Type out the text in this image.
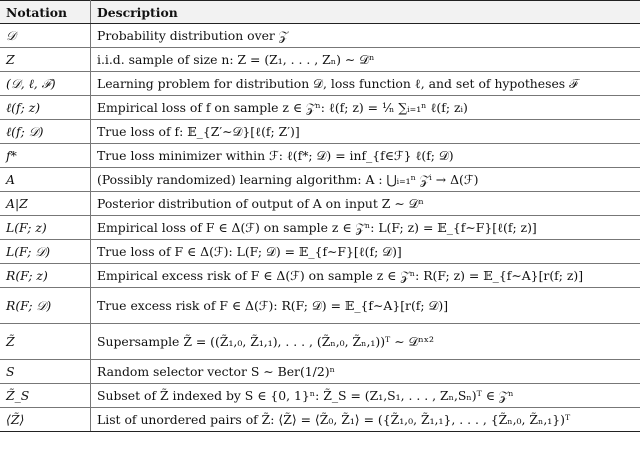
Notation	Description
𝒟	Probability distribution over 𝒵
Z	i.i.d. sample of size n: Z = (Z₁, . . . , Zₙ) ∼ 𝒟ⁿ
(𝒟, ℓ, ℱ)	Learning problem for distribution 𝒟, loss function ℓ, and set of hypotheses ℱ
ℓ(f; z)	Empirical loss of f on sample z ∈ 𝒵ⁿ: ℓ(f; z) = ¹⁄ₙ ∑ᵢ₌₁ⁿ ℓ(f; zᵢ)
ℓ(f; 𝒟)	True loss of f: 𝔼_{Z′∼𝒟}[ℓ(f; Z′)]
f*	True loss minimizer within ℱ: ℓ(f*; 𝒟) = inf_{f∈ℱ} ℓ(f; 𝒟)
A	(Possibly randomized) learning algorithm: A : ⋃ᵢ₌₁ⁿ 𝒵ⁱ → Δ(ℱ)
A|Z	Posterior distribution of output of A on input Z ∼ 𝒟ⁿ
L(F; z)	Empirical loss of F ∈ Δ(ℱ) on sample z ∈ 𝒵ⁿ: L(F; z) = 𝔼_{f∼F}[ℓ(f; z)]
L(F; 𝒟)	True loss of F ∈ Δ(ℱ): L(F; 𝒟) = 𝔼_{f∼F}[ℓ(f; 𝒟)]
R(F; z)	Empirical excess risk of F ∈ Δ(ℱ) on sample z ∈ 𝒵ⁿ: R(F; z) = 𝔼_{f∼A}[r(f; z)]
R(F; 𝒟)	True excess risk of F ∈ Δ(ℱ): R(F; 𝒟) = 𝔼_{f∼A}[r(f; 𝒟)]
Z̃	Supersample Z̃ = ((Z̃₁,₀, Z̃₁,₁), . . . , (Z̃ₙ,₀, Z̃ₙ,₁))ᵀ ∼ 𝒟ⁿˣ²
S	Random selector vector S ∼ Ber(1/2)ⁿ
Z̃_S	Subset of Z̃ indexed by S ∈ {0, 1}ⁿ: Z̃_S = (Z₁,S₁, . . . , Zₙ,Sₙ)ᵀ ∈ 𝒵ⁿ
⟨Z̃⟩	List of unordered pairs of Z̃: ⟨Z̃⟩ = ⟨Z̃₀, Z̃₁⟩ = ({Z̃₁,₀, Z̃₁,₁}, . . . , {Z̃ₙ,₀, Z̃ₙ,₁})ᵀ
